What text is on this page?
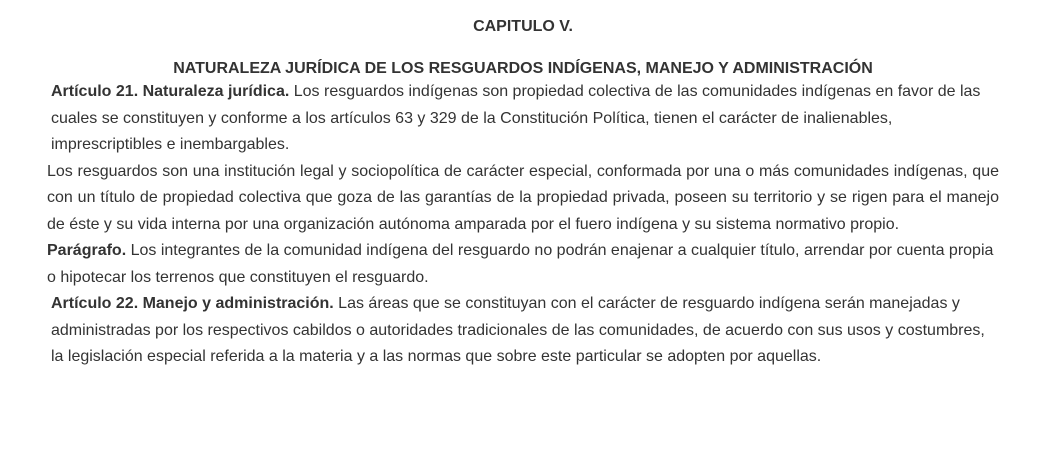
CAPITULO V.
NATURALEZA JURÍDICA DE LOS RESGUARDOS INDÍGENAS, MANEJO Y ADMINISTRACIÓN

Artículo 21. Naturaleza jurídica. Los resguardos indígenas son propiedad colectiva de las comunidades indígenas en favor de las cuales se constituyen y conforme a los artículos 63 y 329 de la Constitución Política, tienen el carácter de inalienables, imprescriptibles e inembargables.

Los resguardos son una institución legal y sociopolítica de carácter especial, conformada por una o más comunidades indígenas, que con un título de propiedad colectiva que goza de las garantías de la propiedad privada, poseen su territorio y se rigen para el manejo de éste y su vida interna por una organización autónoma amparada por el fuero indígena y su sistema normativo propio.

Parágrafo. Los integrantes de la comunidad indígena del resguardo no podrán enajenar a cualquier título, arrendar por cuenta propia o hipotecar los terrenos que constituyen el resguardo.

Artículo 22. Manejo y administración. Las áreas que se constituyan con el carácter de resguardo indígena serán manejadas y administradas por los respectivos cabildos o autoridades tradicionales de las comunidades, de acuerdo con sus usos y costumbres, la legislación especial referida a la materia y a las normas que sobre este particular se adopten por aquellas.
